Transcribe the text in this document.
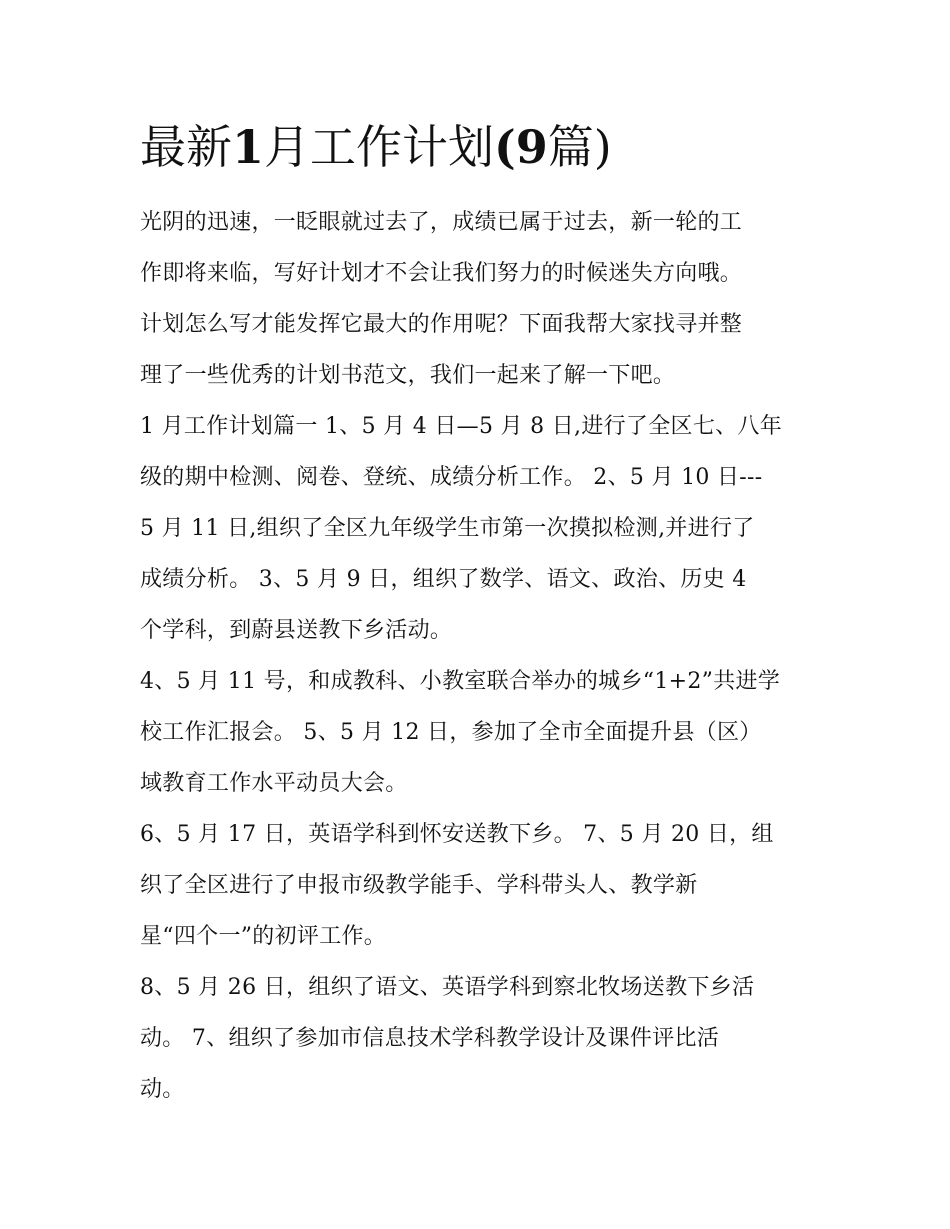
最新1月工作计划(9篇)
光阴的迅速，一眨眼就过去了，成绩已属于过去，新一轮的工
作即将来临，写好计划才不会让我们努力的时候迷失方向哦。
计划怎么写才能发挥它最大的作用呢？下面我帮大家找寻并整
理了一些优秀的计划书范文，我们一起来了解一下吧。
1 月工作计划篇一 1、5 月 4 日—5 月 8 日,进行了全区七、八年
级的期中检测、阅卷、登统、成绩分析工作。 2、5 月 10 日---
5 月 11 日,组织了全区九年级学生市第一次摸拟检测,并进行了
成绩分析。 3、5 月 9 日，组织了数学、语文、政治、历史 4
个学科，到蔚县送教下乡活动。
4、5 月 11 号，和成教科、小教室联合举办的城乡“1+2”共进学
校工作汇报会。 5、5 月 12 日，参加了全市全面提升县（区）
域教育工作水平动员大会。
6、5 月 17 日，英语学科到怀安送教下乡。 7、5 月 20 日，组
织了全区进行了申报市级教学能手、学科带头人、教学新
星“四个一”的初评工作。
8、5 月 26 日，组织了语文、英语学科到察北牧场送教下乡活
动。 7、组织了参加市信息技术学科教学设计及课件评比活
动。
